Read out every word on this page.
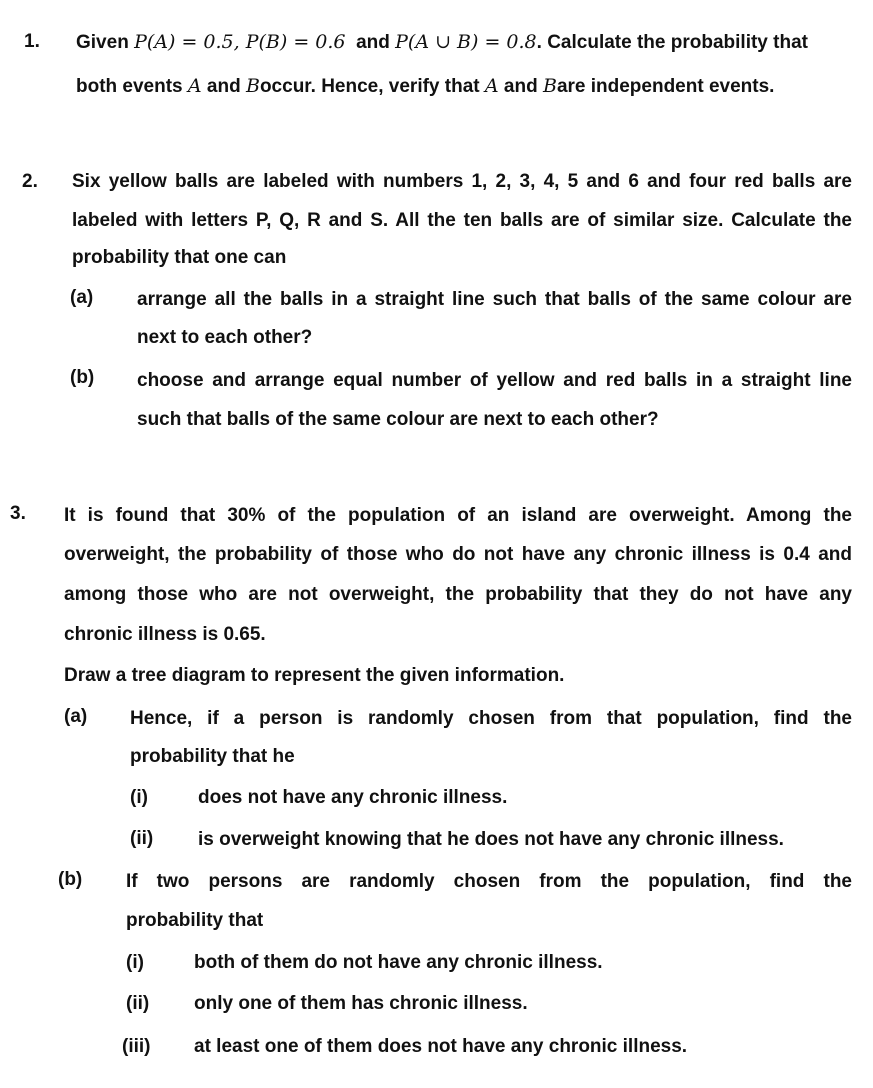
1. Given P(A) = 0.5, P(B) = 0.6 and P(A ∪ B) = 0.8. Calculate the probability that
both events A and Boccur. Hence, verify that A and Bare independent events.
2. Six yellow balls are labeled with numbers 1, 2, 3, 4, 5 and 6 and four red balls are
labeled with letters P, Q, R and S. All the ten balls are of similar size. Calculate the
probability that one can
(a) arrange all the balls in a straight line such that balls of the same colour are
next to each other?
(b) choose and arrange equal number of yellow and red balls in a straight line
such that balls of the same colour are next to each other?
3. It is found that 30% of the population of an island are overweight. Among the
overweight, the probability of those who do not have any chronic illness is 0.4 and
among those who are not overweight, the probability that they do not have any
chronic illness is 0.65.
Draw a tree diagram to represent the given information.
(a) Hence, if a person is randomly chosen from that population, find the
probability that he
(i)	does not have any chronic illness.
(ii) is overweight knowing that he does not have any chronic illness.
(b) If two persons are randomly chosen from the population, find the
probability that
(i)	both of them do not have any chronic illness.
(ii) only one of them has chronic illness.
(iii) at least one of them does not have any chronic illness.
